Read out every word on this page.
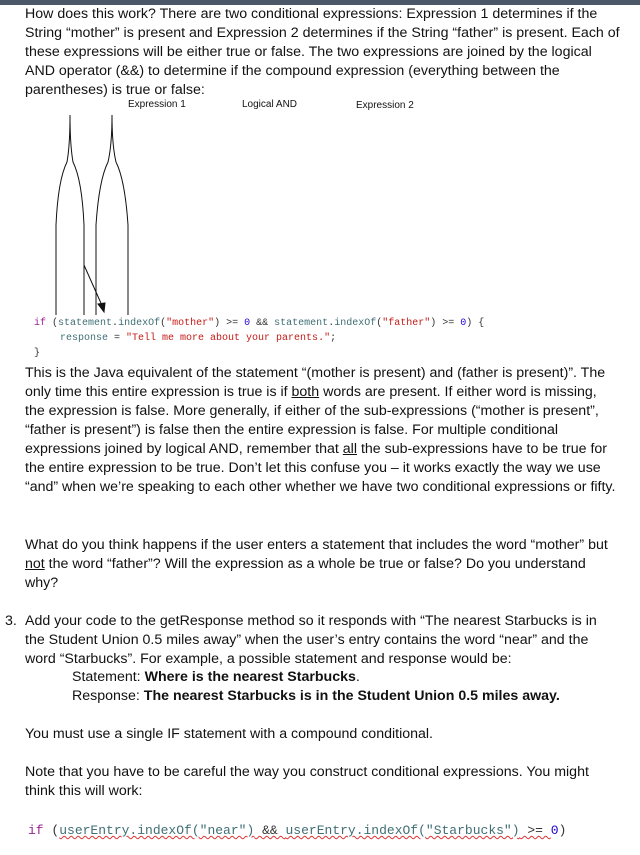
How does this work? There are two conditional expressions: Expression 1 determines if the String “mother” is present and Expression 2 determines if the String “father” is present. Each of these expressions will be either true or false. The two expressions are joined by the logical AND operator (&&) to determine if the compound expression (everything between the parentheses) is true or false:

Expression 1	Logical AND	Expression 2
if (statement.indexOf("mother") >= 0 && statement.indexOf("father") >= 0) {
response = "Tell me more about your parents.";
}

This is the Java equivalent of the statement “(mother is present) and (father is present)”. The only time this entire expression is true is if both words are present. If either word is missing, the expression is false. More generally, if either of the sub-expressions (“mother is present”, “father is present”) is false then the entire expression is false. For multiple conditional expressions joined by logical AND, remember that all the sub-expressions have to be true for the entire expression to be true. Don’t let this confuse you – it works exactly the way we use “and” when we’re speaking to each other whether we have two conditional expressions or fifty.

What do you think happens if the user enters a statement that includes the word “mother” but not the word “father”? Will the expression as a whole be true or false? Do you understand why?

3. Add your code to the getResponse method so it responds with “The nearest Starbucks is in the Student Union 0.5 miles away” when the user’s entry contains the word “near” and the word “Starbucks”. For example, a possible statement and response would be:

Statement: Where is the nearest Starbucks.

Response: The nearest Starbucks is in the Student Union 0.5 miles away.

You must use a single IF statement with a compound conditional.

Note that you have to be careful the way you construct conditional expressions. You might think this will work:

if (userEntry.indexOf("near") && userEntry.indexOf("Starbucks") >= 0)
